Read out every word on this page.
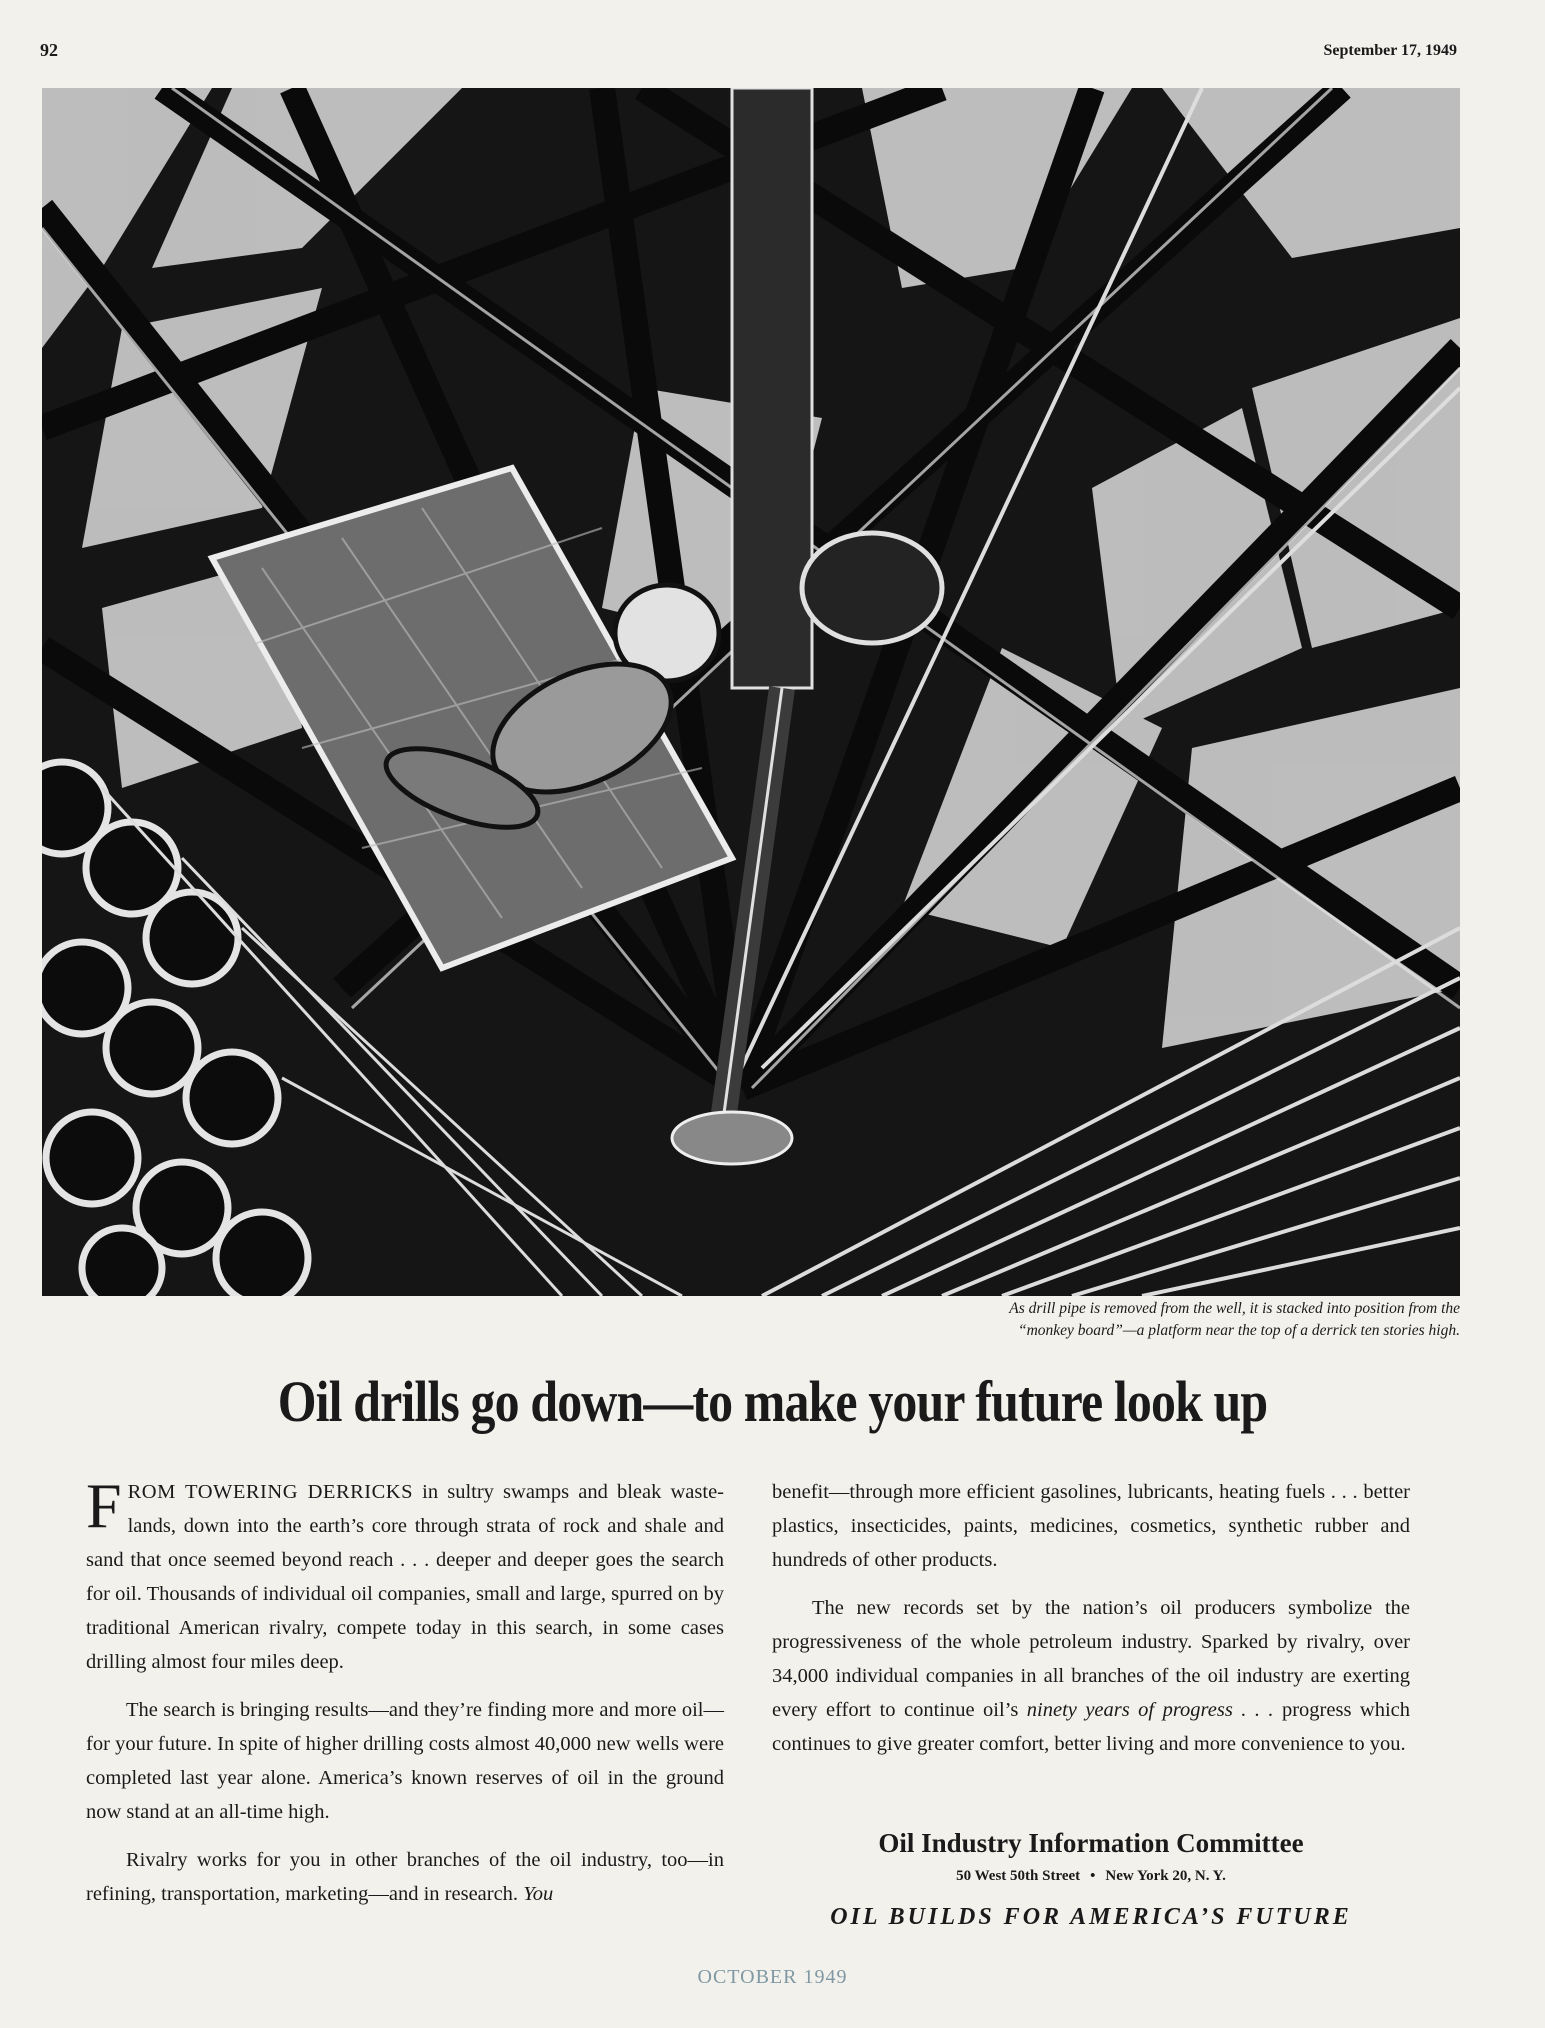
92	September 17, 1949
As drill pipe is removed from the well, it is stacked into position from the
“monkey board”—a platform near the top of a derrick ten stories high.
Oil drills go down—to make your future look up

FROM TOWERING DERRICKS in sultry swamps and bleak waste-lands, down into the earth’s core through strata of rock and shale and sand that once seemed beyond reach . . . deeper and deeper goes the search for oil. Thousands of individual oil companies, small and large, spurred on by traditional American rivalry, compete today in this search, in some cases drilling almost four miles deep.

The search is bringing results—and they’re finding more and more oil—for your future. In spite of higher drilling costs almost 40,000 new wells were completed last year alone. America’s known reserves of oil in the ground now stand at an all-time high.

Rivalry works for you in other branches of the oil industry, too—in refining, transportation, marketing—and in research. You

benefit—through more efficient gasolines, lubricants, heating fuels . . . better plastics, insecticides, paints, medicines, cosmetics, synthetic rubber and hundreds of other products.

The new records set by the nation’s oil producers symbolize the progressiveness of the whole petroleum industry. Sparked by rivalry, over 34,000 individual companies in all branches of the oil industry are exerting every effort to continue oil’s ninety years of progress . . . progress which continues to give greater comfort, better living and more convenience to you.

Oil Industry Information Committee
50 West 50th Street • New York 20, N. Y.
OIL BUILDS FOR AMERICA’S FUTURE
OCTOBER 1949
